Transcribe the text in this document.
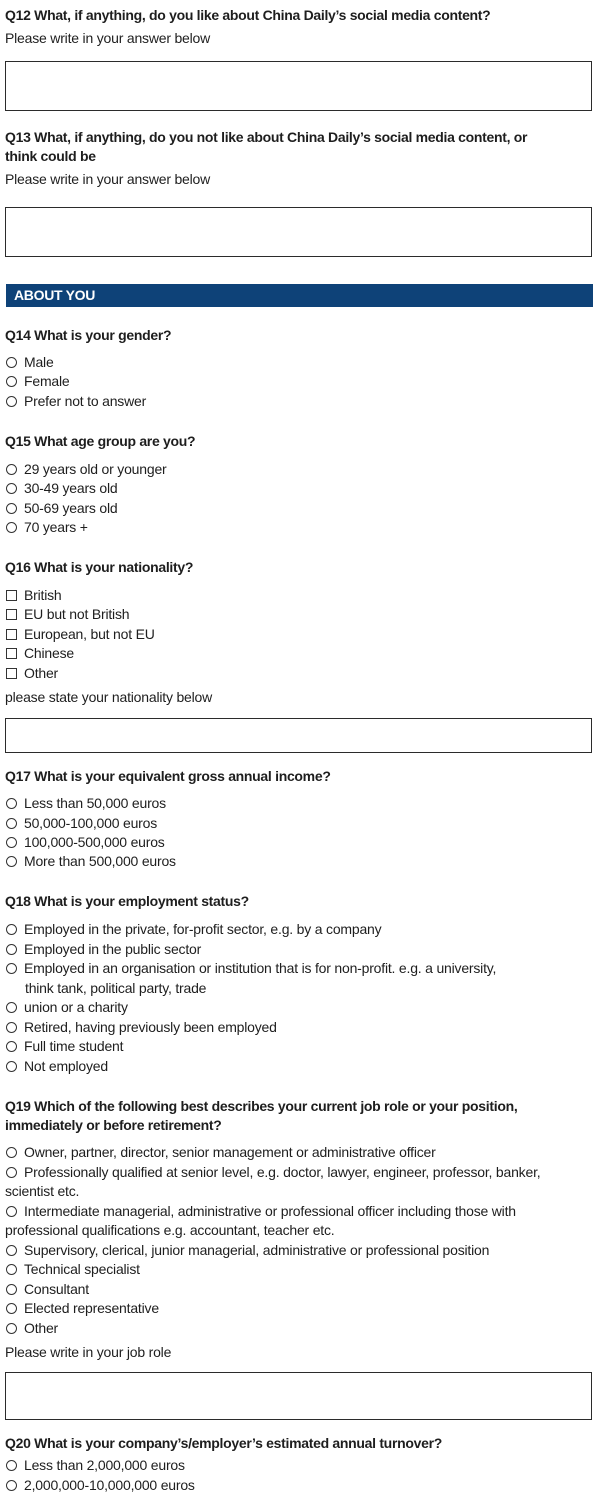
Q12 What, if anything, do you like about China Daily’s social media content?
Please write in your answer below
Q13 What, if anything, do you not like about China Daily’s social media content, or
think could be
Please write in your answer below
ABOUT YOU
Q14 What is your gender?
Male
Female
Prefer not to answer
Q15 What age group are you?
29 years old or younger
30-49 years old
50-69 years old
70 years +
Q16 What is your nationality?
British
EU but not British
European, but not EU
Chinese
Other
please state your nationality below
Q17 What is your equivalent gross annual income?
Less than 50,000 euros
50,000-100,000 euros
100,000-500,000 euros
More than 500,000 euros
Q18 What is your employment status?
Employed in the private, for-profit sector, e.g. by a company
Employed in the public sector
Employed in an organisation or institution that is for non-profit. e.g. a university,
think tank, political party, trade
union or a charity
Retired, having previously been employed
Full time student
Not employed
Q19 Which of the following best describes your current job role or your position,
immediately or before retirement?
Owner, partner, director, senior management or administrative officer
Professionally qualified at senior level, e.g. doctor, lawyer, engineer, professor, banker,
scientist etc.
Intermediate managerial, administrative or professional officer including those with
professional qualifications e.g. accountant, teacher etc.
Supervisory, clerical, junior managerial, administrative or professional position
Technical specialist
Consultant
Elected representative
Other
Please write in your job role
Q20 What is your company’s/employer’s estimated annual turnover?
Less than 2,000,000 euros
2,000,000-10,000,000 euros
